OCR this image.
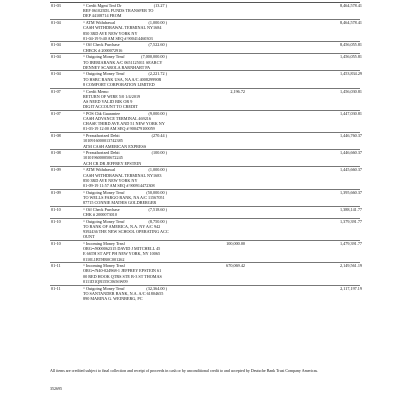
01-03	^ Credit Mgmt Trnf Dr
REF 061025DL FUNDS TRANSFER TO
DEP 44108714 FROM
(13.27 )	8,464,578.41
01-04	^ ATM Withdrawal
CASH WITHDRAWAL TERMINAL NY1684
850 3RD AVE NEW YORK NY
01-04-19 9:40 AM SEQ # 900414460303
(1,000.00 )	8,464,578.41
01-04	^ Off Check Purchase
CHECK # 2000072916
(7,522.60 )	8,456,055.81
01-04	^ Outgoing Money Trnsf
TO IBERIABANK A/C 0651125011 SEARCY
DENNEY SCAROLA BARNHART PA
(7,000,000.00 )	1,456,055.81
01-04	^ Outgoing Money Trnsf
TO HSBC BANK USA, NA A/C 400829990B
8 COMFORT CORPORATION LIMITED
(2,221.72 )	1,453,834.29
01-07	^ Credit Memo
RETURN OF WIRE 5/0 1/4/2019
AS NEED VALID BIK OR 9
DIGIT ACCOUNT TO CREDIT
2,196.72	1,456,030.81
01-07	^ POS Chk Guarantee
CASH ADVANCE TERMINAL 469216
CHASE THIRD AVE AND 51 NEW YORK NY
01-03-19 12:00 AM SEQ # 900479100059
(9,000.00 )	1,447,030.81
01-08	^ Preauthorized Debit
1010916000013742385
ATM CASH AMERICAN EXPRESS
(270.44 )	1,446,760.37
01-08	^ Preauthorized Debit
1010196000050672245
ACH CR DR JEFFREY EPSTEIN
(100.00 )	1,446,660.37
01-09	^ ATM Withdrawal
CASH WITHDRAWAL TERMINAL NY1683
850 3RD AVE NEW YORK NY
01-09-19 11:57 AM SEQ # 900914472308
(1,000.00 )	1,445,660.37
01-09	^ Outgoing Money Trnsf
TO WELLS FARGO BANK, NA A/C 11567051
87715 CONNIE MATHIS GOLDBERGER
(50,000.00 )	1,395,660.37
01-10	^ Off Check Purchase
CHK # 2000073010
(7,518.60 )	1,388,141.77
01-10	^ Outgoing Money Trnsf
TO BANK OF AMERICA, N.A. NY A/C 942
9392436 THE NEW SCHOOL OPERATING ACC
OUNT
(8,750.00 )	1,379,391.77
01-10	^ Incoming Money Trnsf
ORG=/8000062315 DAVID J MITCHELL 45
E 66TH ST APT PH NEW YORK, NY 10065
0110L1BTHR0C001262
100,000.00	1,479,391.77
01-11	^ Incoming Money Trnsf
ORG=/N40-024968-1 JEFFREY EPSTEIN 61
00 RED HOOK QTRS STE B-3 ST THOMAS
0111D1QB155C0656W09
670,069.42	2,149,561.19
01-11	^ Outgoing Money Trnsf
TO SANTANDER BANK, N.A. A/C 61804655
890 MARINA G. WEINBERG, PC
(32,364.00 )	2,117,197.19
All items are credited subject to final collection and receipt of proceeds in cash or by unconditional credit to and accepted by Deutsche Bank Trust Company Americas.
352695
